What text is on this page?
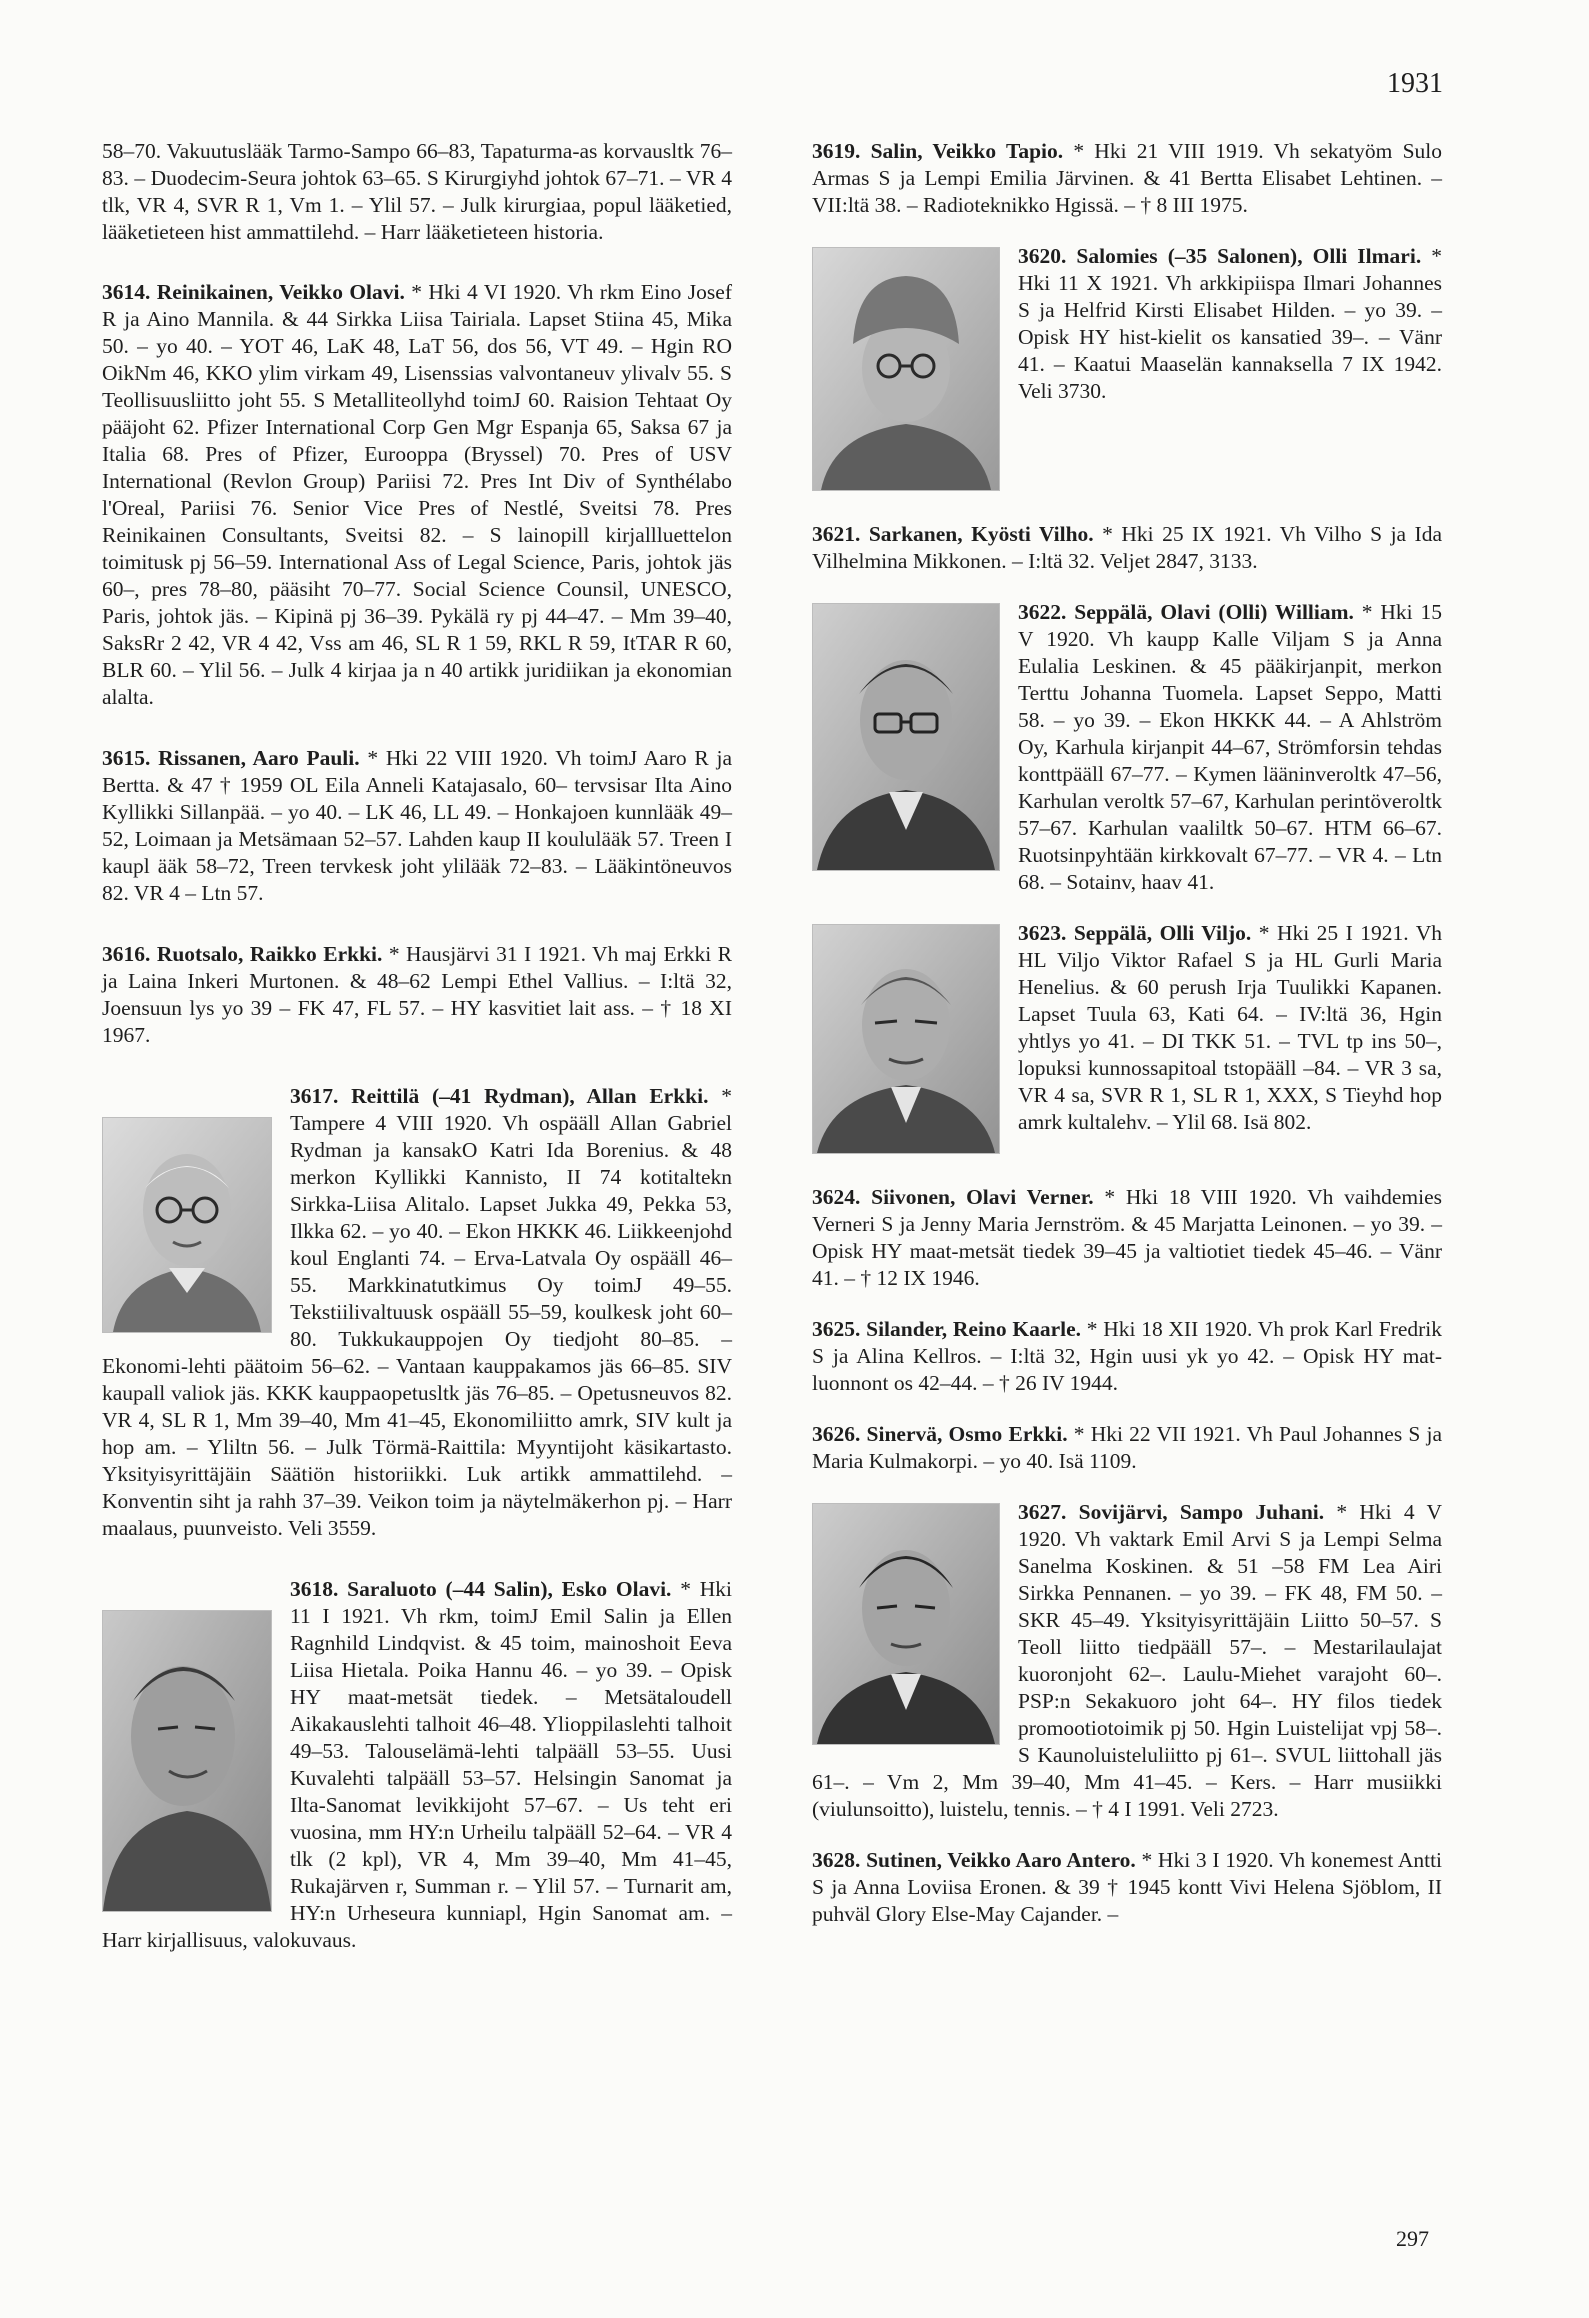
1931

58–70. Vakuutuslääk Tarmo-Sampo 66–83, Tapaturma-as korvausltk 76–83. – Duodecim-Seura johtok 63–65. S Kirurgiyhd johtok 67–71. – VR 4 tlk, VR 4, SVR R 1, Vm 1. – Ylil 57. – Julk kirurgiaa, popul lääketied, lääketieteen hist ammattilehd. – Harr lääketieteen historia.

3614. Reinikainen, Veikko Olavi. * Hki 4 VI 1920. Vh rkm Eino Josef R ja Aino Mannila. & 44 Sirkka Liisa Tairiala. Lapset Stiina 45, Mika 50. – yo 40. – YOT 46, LaK 48, LaT 56, dos 56, VT 49. – Hgin RO OikNm 46, KKO ylim virkam 49, Lisenssias valvontaneuv ylivalv 55. S Teollisuusliitto joht 55. S Metalliteollyhd toimJ 60. Raision Tehtaat Oy pääjoht 62. Pfizer International Corp Gen Mgr Espanja 65, Saksa 67 ja Italia 68. Pres of Pfizer, Eurooppa (Bryssel) 70. Pres of USV International (Revlon Group) Pariisi 72. Pres Int Div of Synthélabo l'Oreal, Pariisi 76. Senior Vice Pres of Nestlé, Sveitsi 78. Pres Reinikainen Consultants, Sveitsi 82. – S lainopill kirjallluettelon toimitusk pj 56–59. International Ass of Legal Science, Paris, johtok jäs 60–, pres 78–80, pääsiht 70–77. Social Science Counsil, UNESCO, Paris, johtok jäs. – Kipinä pj 36–39. Pykälä ry pj 44–47. – Mm 39–40, SaksRr 2 42, VR 4 42, Vss am 46, SL R 1 59, RKL R 59, ItTAR R 60, BLR 60. – Ylil 56. – Julk 4 kirjaa ja n 40 artikk juridiikan ja ekonomian alalta.

3615. Rissanen, Aaro Pauli. * Hki 22 VIII 1920. Vh toimJ Aaro R ja Bertta. & 47 † 1959 OL Eila Anneli Katajasalo, 60– tervsisar Ilta Aino Kyllikki Sillanpää. – yo 40. – LK 46, LL 49. – Honkajoen kunnlääk 49–52, Loimaan ja Metsämaan 52–57. Lahden kaup II koululääk 57. Treen I kaupl ääk 58–72, Treen tervkesk joht ylilääk 72–83. – Lääkintöneuvos 82. VR 4 – Ltn 57.

3616. Ruotsalo, Raikko Erkki. * Hausjärvi 31 I 1921. Vh maj Erkki R ja Laina Inkeri Murtonen. & 48–62 Lempi Ethel Vallius. – I:ltä 32, Joensuun lys yo 39 – FK 47, FL 57. – HY kasvitiet lait ass. – † 18 XI 1967.

3617. Reittilä (–41 Rydman), Allan Erkki. * Tampere 4 VIII 1920. Vh ospääll Allan Gabriel Rydman ja kansakO Katri Ida Borenius. & 48 merkon Kyllikki Kannisto, II 74 kotitaltekn Sirkka-Liisa Alitalo. Lapset Jukka 49, Pekka 53, Ilkka 62. – yo 40. – Ekon HKKK 46. Liikkeenjohd koul Englanti 74. – Erva-Latvala Oy ospääll 46–55. Markkinatutkimus Oy toimJ 49–55. Tekstiilivaltuusk ospääll 55–59, koulkesk joht 60–80. Tukkukauppojen Oy tiedjoht 80–85. – Ekonomi-lehti päätoim 56–62. – Vantaan kauppakamos jäs 66–85. SIV kaupall valiok jäs. KKK kauppaopetusltk jäs 76–85. – Opetusneuvos 82. VR 4, SL R 1, Mm 39–40, Mm 41–45, Ekonomiliitto amrk, SIV kult ja hop am. – Yliltn 56. – Julk Törmä-Raittila: Myyntijoht käsikartasto. Yksityisyrittäjäin Säätiön historiikki. Luk artikk ammattilehd. – Konventin siht ja rahh 37–39. Veikon toim ja näytelmäkerhon pj. – Harr maalaus, puunveisto. Veli 3559.
3618. Saraluoto (–44 Salin), Esko Olavi. * Hki 11 I 1921. Vh rkm, toimJ Emil Salin ja Ellen Ragnhild Lindqvist. & 45 toim, mainoshoit Eeva Liisa Hietala. Poika Hannu 46. – yo 39. – Opisk HY maat-metsät tiedek. – Metsätaloudell Aikakauslehti talhoit 46–48. Ylioppilaslehti talhoit 49–53. Talouselämä-lehti talpääll 53–55. Uusi Kuvalehti talpääll 53–57. Helsingin Sanomat ja Ilta-Sanomat levikkijoht 57–67. – Us teht eri vuosina, mm HY:n Urheilu talpääll 52–64. – VR 4 tlk (2 kpl), VR 4, Mm 39–40, Mm 41–45, Rukajärven r, Summan r. – Ylil 57. – Turnarit am, HY:n Urheseura kunniapl, Hgin Sanomat am. – Harr kirjallisuus, valokuvaus.

3619. Salin, Veikko Tapio. * Hki 21 VIII 1919. Vh sekatyöm Sulo Armas S ja Lempi Emilia Järvinen. & 41 Bertta Elisabet Lehtinen. – VII:ltä 38. – Radioteknikko Hgissä. – † 8 III 1975.

3620. Salomies (–35 Salonen), Olli Ilmari. * Hki 11 X 1921. Vh arkkipiispa Ilmari Johannes S ja Helfrid Kirsti Elisabet Hilden. – yo 39. – Opisk HY hist-kielit os kansatied 39–. – Vänr 41. – Kaatui Maaselän kannaksella 7 IX 1942. Veli 3730.

3621. Sarkanen, Kyösti Vilho. * Hki 25 IX 1921. Vh Vilho S ja Ida Vilhelmina Mikkonen. – I:ltä 32. Veljet 2847, 3133.

3622. Seppälä, Olavi (Olli) William. * Hki 15 V 1920. Vh kaupp Kalle Viljam S ja Anna Eulalia Leskinen. & 45 pääkirjanpit, merkon Terttu Johanna Tuomela. Lapset Seppo, Matti 58. – yo 39. – Ekon HKKK 44. – A Ahlström Oy, Karhula kirjanpit 44–67, Strömforsin tehdas konttpääll 67–77. – Kymen lääninveroltk 47–56, Karhulan veroltk 57–67, Karhulan perintöveroltk 57–67. Karhulan vaaliltk 50–67. HTM 66–67. Ruotsinpyhtään kirkkovalt 67–77. – VR 4. – Ltn 68. – Sotainv, haav 41.
3623. Seppälä, Olli Viljo. * Hki 25 I 1921. Vh HL Viljo Viktor Rafael S ja HL Gurli Maria Henelius. & 60 perush Irja Tuulikki Kapanen. Lapset Tuula 63, Kati 64. – IV:ltä 36, Hgin yhtlys yo 41. – DI TKK 51. – TVL tp ins 50–, lopuksi kunnossapitoal tstopääll –84. – VR 3 sa, VR 4 sa, SVR R 1, SL R 1, XXX, S Tieyhd hop amrk kultalehv. – Ylil 68. Isä 802.

3624. Siivonen, Olavi Verner. * Hki 18 VIII 1920. Vh vaihdemies Verneri S ja Jenny Maria Jernström. & 45 Marjatta Leinonen. – yo 39. – Opisk HY maat-metsät tiedek 39–45 ja valtiotiet tiedek 45–46. – Vänr 41. – † 12 IX 1946.

3625. Silander, Reino Kaarle. * Hki 18 XII 1920. Vh prok Karl Fredrik S ja Alina Kellros. – I:ltä 32, Hgin uusi yk yo 42. – Opisk HY mat-luonnont os 42–44. – † 26 IV 1944.

3626. Sinervä, Osmo Erkki. * Hki 22 VII 1921. Vh Paul Johannes S ja Maria Kulmakorpi. – yo 40. Isä 1109.

3627. Sovijärvi, Sampo Juhani. * Hki 4 V 1920. Vh vaktark Emil Arvi S ja Lempi Selma Sanelma Koskinen. & 51 –58 FM Lea Airi Sirkka Pennanen. – yo 39. – FK 48, FM 50. – SKR 45–49. Yksityisyrittäjäin Liitto 50–57. S Teoll liitto tiedpääll 57–. – Mestarilaulajat kuoronjoht 62–. Laulu-Miehet varajoht 60–. PSP:n Sekakuoro joht 64–. HY filos tiedek promootiotoimik pj 50. Hgin Luistelijat vpj 58–. S Kaunoluisteluliitto pj 61–. SVUL liittohall jäs 61–. – Vm 2, Mm 39–40, Mm 41–45. – Kers. – Harr musiikki (viulunsoitto), luistelu, tennis. – † 4 I 1991. Veli 2723.

3628. Sutinen, Veikko Aaro Antero. * Hki 3 I 1920. Vh konemest Antti S ja Anna Loviisa Eronen. & 39 † 1945 kontt Vivi Helena Sjöblom, II puhväl Glory Else-May Cajander. –

297
